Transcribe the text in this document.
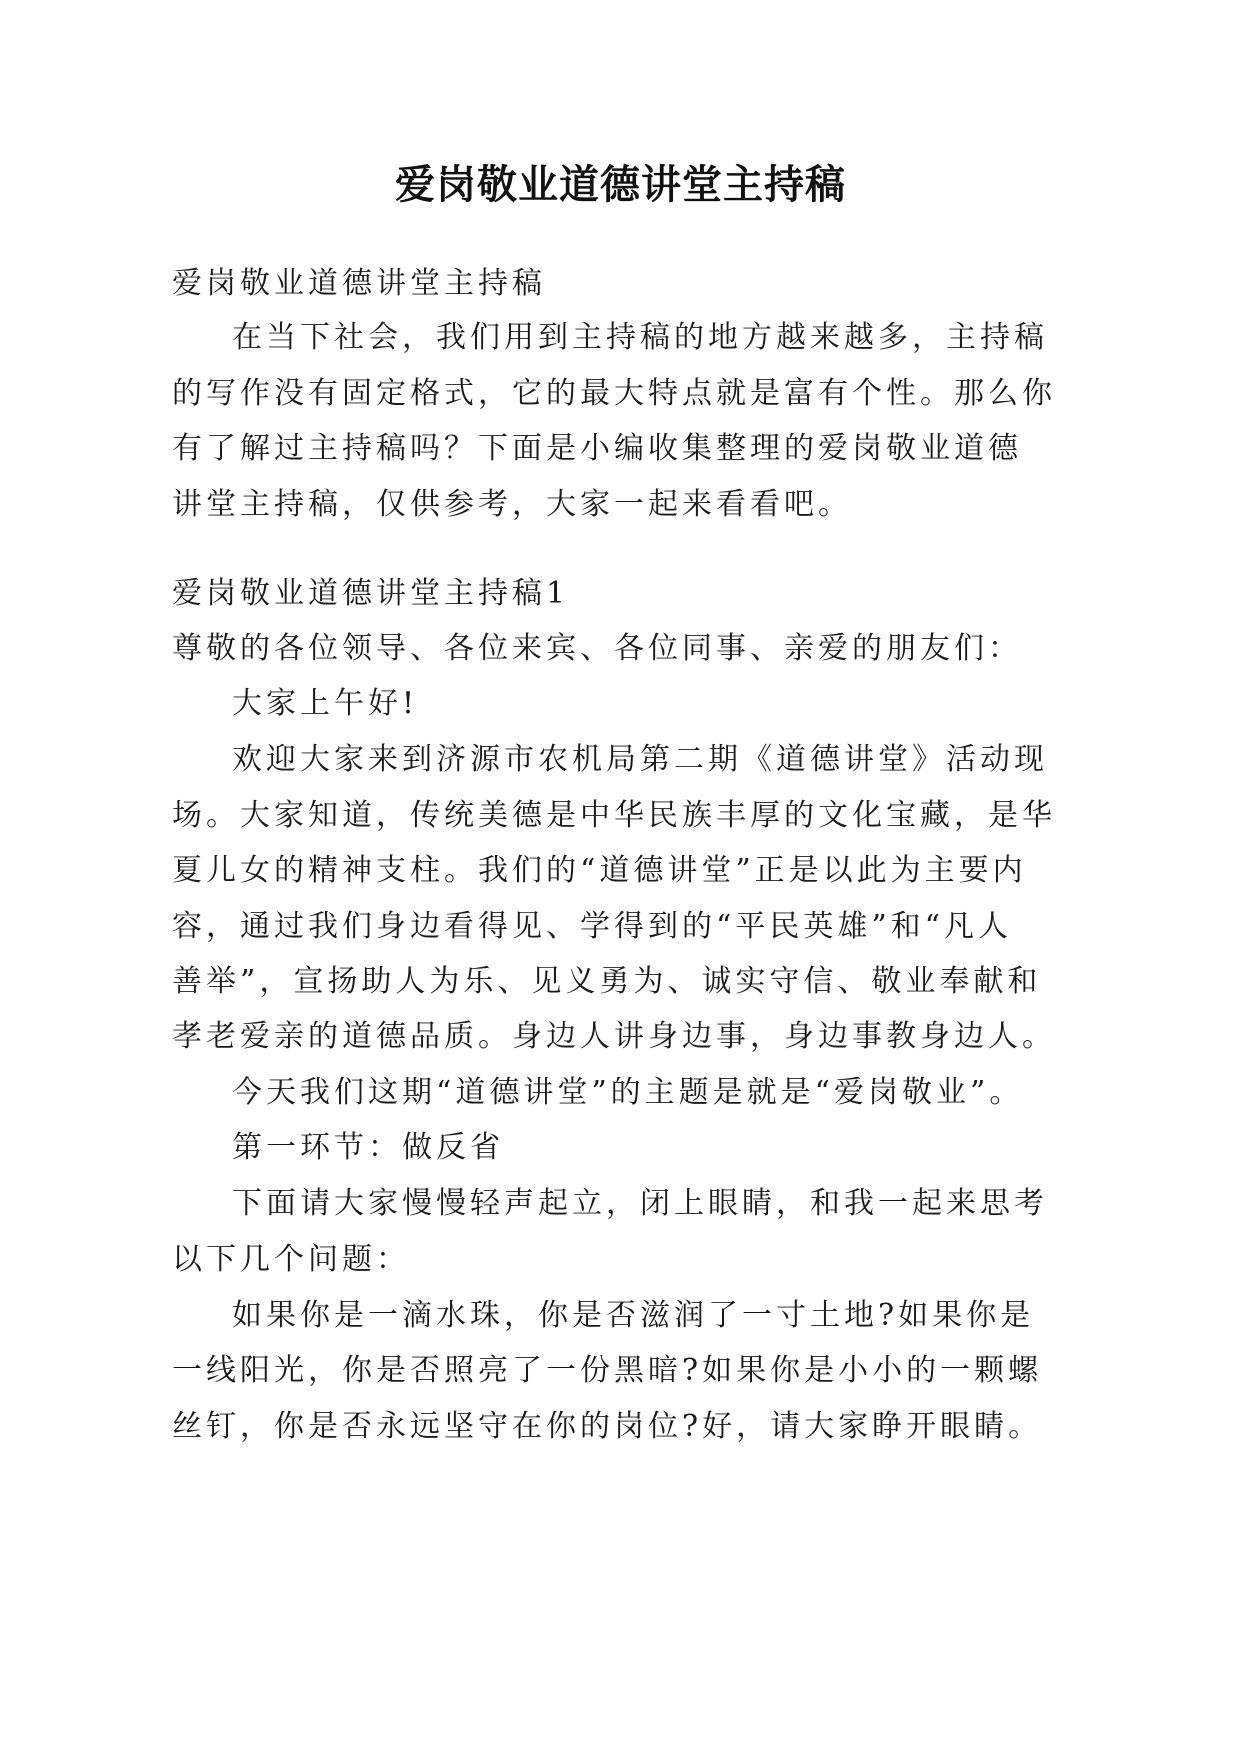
爱岗敬业道德讲堂主持稿
爱岗敬业道德讲堂主持稿
在当下社会，我们用到主持稿的地方越来越多，主持稿
的写作没有固定格式，它的最大特点就是富有个性。那么你
有了解过主持稿吗？下面是小编收集整理的爱岗敬业道德
讲堂主持稿，仅供参考，大家一起来看看吧。
爱岗敬业道德讲堂主持稿1
尊敬的各位领导、各位来宾、各位同事、亲爱的朋友们：
大家上午好!
欢迎大家来到济源市农机局第二期《道德讲堂》活动现
场。大家知道，传统美德是中华民族丰厚的文化宝藏，是华
夏儿女的精神支柱。我们的“道德讲堂”正是以此为主要内
容，通过我们身边看得见、学得到的“平民英雄”和“凡人
善举”，宣扬助人为乐、见义勇为、诚实守信、敬业奉献和
孝老爱亲的道德品质。身边人讲身边事，身边事教身边人。
今天我们这期“道德讲堂”的主题是就是“爱岗敬业”。
第一环节：做反省
下面请大家慢慢轻声起立，闭上眼睛，和我一起来思考
以下几个问题：
如果你是一滴水珠，你是否滋润了一寸土地?如果你是
一线阳光，你是否照亮了一份黑暗?如果你是小小的一颗螺
丝钉，你是否永远坚守在你的岗位?好，请大家睁开眼睛。
